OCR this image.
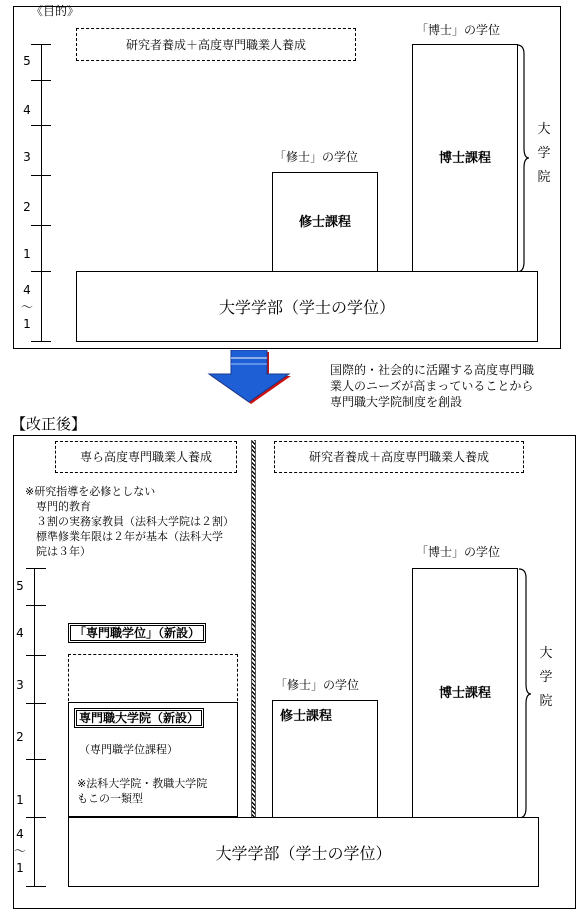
《目的》
研究者養成＋高度専門職業人養成
5
4
3
2
1
4
〜
1
「修士」の学位
修士課程
「博士」の学位
博士課程
大
学
院
大学学部（学士の学位）
国際的・社会的に活躍する高度専門職
業人のニーズが高まっていることから
専門職大学院制度を創設
【改正後】
専ら高度専門職業人養成	研究者養成＋高度専門職業人養成
※研究指導を必修としない
　専門的教育
　３割の実務家教員（法科大学院は２割）
　標準修業年限は２年が基本（法科大学
　院は３年）
5
4
3
2
1
4
〜
1
「専門職学位」（新設）
専門職大学院（新設）
（専門職学位課程）
※法科大学院・教職大学院
もこの一類型
「修士」の学位
修士課程
「博士」の学位
博士課程
大
学
院
大学学部（学士の学位）
